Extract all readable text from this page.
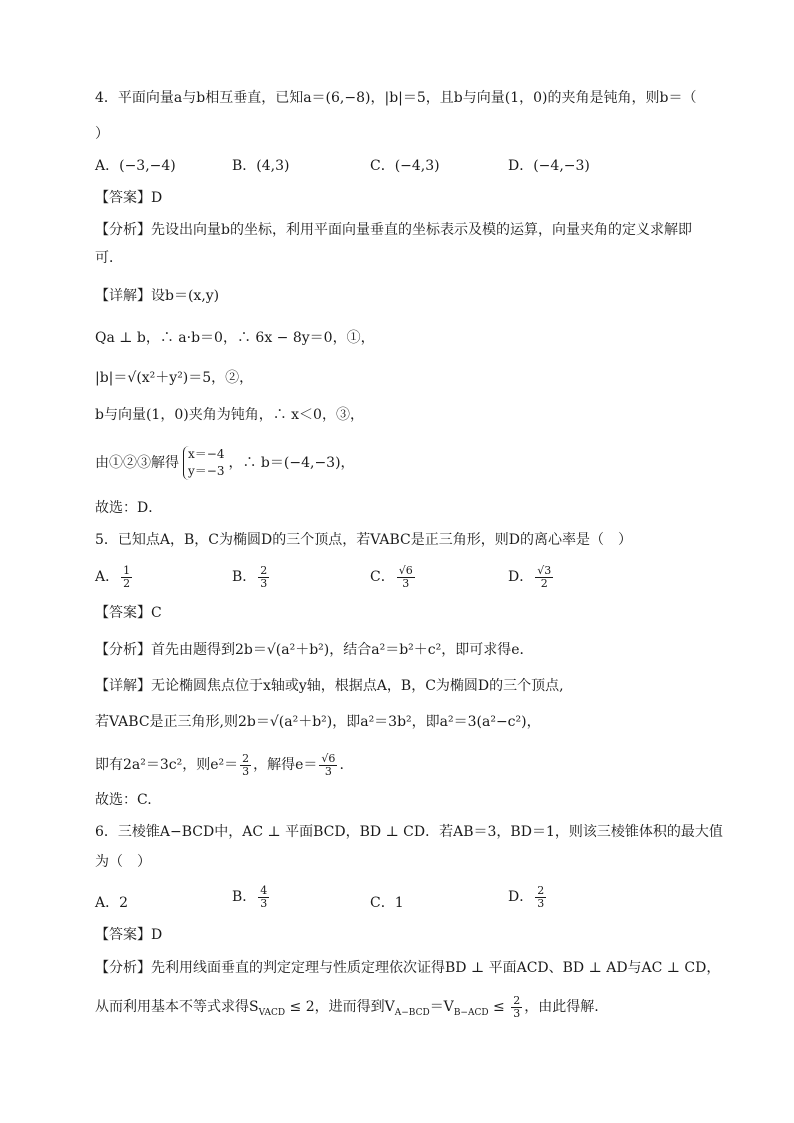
4．平面向量a与b相互垂直，已知a＝(6,−8)，|b|＝5，且b与向量(1，0)的夹角是钝角，则b＝（
）
A．(−3,−4)	B．(4,3)	C．(−4,3)	D．(−4,−3)
【答案】D
【分析】先设出向量b的坐标，利用平面向量垂直的坐标表示及模的运算，向量夹角的定义求解即
可．
【详解】设b＝(x,y)
Qa ⊥ b，∴ a·b＝0，∴ 6x − 8y＝0，①，
|b|＝√(x²＋y²)＝5，②，
b与向量(1，0)夹角为钝角，∴ x＜0，③，
由①②③解得
x＝−4
y＝−3 ，∴ b＝(−4,−3)，
故选：D．
5．已知点A，B，C为椭圆D的三个顶点，若VABC是正三角形，则D的离心率是（　）
A． $\frac{1}{2}$	B． $\frac{2}{3}$	C． $\frac{√6}{3}$	D． $\frac{√3}{2}$
【答案】C
【分析】首先由题得到2b＝√(a²＋b²)，结合a²＝b²＋c²，即可求得e．
【详解】无论椭圆焦点位于x轴或y轴，根据点A，B，C为椭圆D的三个顶点,
若VABC是正三角形,则2b＝√(a²＋b²)，即a²＝3b²，即a²＝3(a²−c²)，
即有2a²＝3c²，则$e^2= \frac{2}{3}$ ，解得$e= \frac{√6}{3}$ .
故选：C.
6．三棱锥A−BCD中，AC ⊥ 平面BCD，BD ⊥ CD．若AB＝3，BD＝1，则该三棱锥体积的最大值
为（　）
A．2	B． $\frac{4}{3}$	C．1	D． $\frac{2}{3}$
【答案】D
【分析】先利用线面垂直的判定定理与性质定理依次证得BD ⊥ 平面ACD、BD ⊥ AD与AC ⊥ CD，
从而利用基本不等式求得$S_{VACD} \le 2$，进而得到$V_{A-BCD}=V_{B-ACD} \le \frac{2}{3}$ ，由此得解.
